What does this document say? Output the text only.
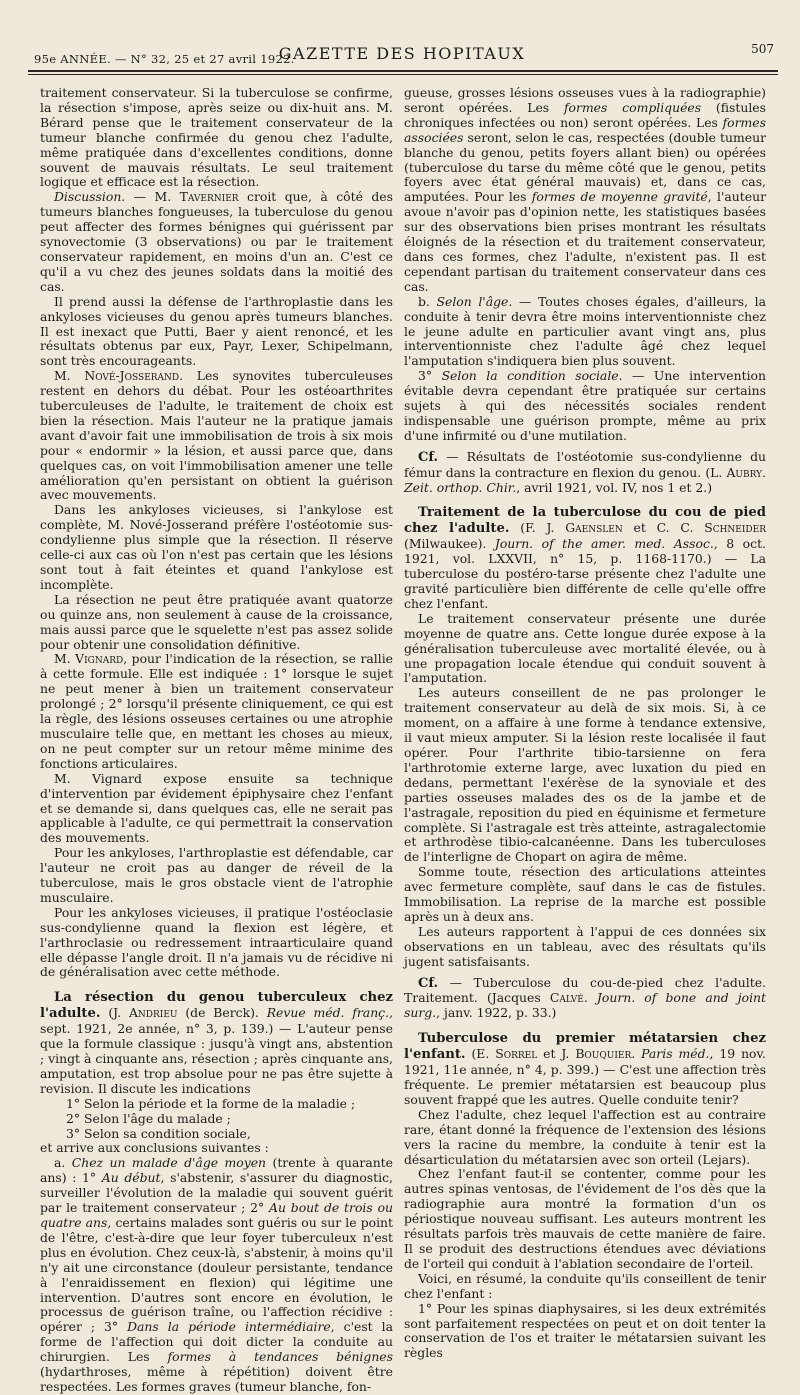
95e ANNÉE. — N° 32, 25 et 27 avril 1922.
GAZETTE DES HOPITAUX	507

traitement conservateur. Si la tuberculose se confirme, la résection s'impose, après seize ou dix-huit ans. M. Bérard pense que le traitement conservateur de la tumeur blanche confirmée du genou chez l'adulte, même pratiquée dans d'excellentes conditions, donne souvent de mauvais résultats. Le seul traitement logique et efficace est la résection.

Discussion. — M. Tavernier croit que, à côté des tumeurs blanches fongueuses, la tuberculose du genou peut affecter des formes bénignes qui guérissent par synovectomie (3 observations) ou par le traitement conservateur rapidement, en moins d'un an. C'est ce qu'il a vu chez des jeunes soldats dans la moitié des cas.

Il prend aussi la défense de l'arthroplastie dans les ankyloses vicieuses du genou après tumeurs blanches. Il est inexact que Putti, Baer y aient renoncé, et les résultats obtenus par eux, Payr, Lexer, Schipelmann, sont très encourageants.

M. Nové-Josserand. Les synovites tuberculeuses restent en dehors du débat. Pour les ostéoarthrites tuberculeuses de l'adulte, le traitement de choix est bien la résection. Mais l'auteur ne la pratique jamais avant d'avoir fait une immobilisation de trois à six mois pour « endormir » la lésion, et aussi parce que, dans quelques cas, on voit l'immobilisation amener une telle amélioration qu'en persistant on obtient la guérison avec mouvements.

Dans les ankyloses vicieuses, si l'ankylose est complète, M. Nové-Josserand préfère l'ostéotomie sus-condylienne plus simple que la résection. Il réserve celle-ci aux cas où l'on n'est pas certain que les lésions sont tout à fait éteintes et quand l'ankylose est incomplète.

La résection ne peut être pratiquée avant quatorze ou quinze ans, non seulement à cause de la croissance, mais aussi parce que le squelette n'est pas assez solide pour obtenir une consolidation définitive.

M. Vignard, pour l'indication de la résection, se rallie à cette formule. Elle est indiquée : 1° lorsque le sujet ne peut mener à bien un traitement conservateur prolongé ; 2° lorsqu'il présente cliniquement, ce qui est la règle, des lésions osseuses certaines ou une atrophie musculaire telle que, en mettant les choses au mieux, on ne peut compter sur un retour même minime des fonctions articulaires.

M. Vignard expose ensuite sa technique d'intervention par évidement épiphysaire chez l'enfant et se demande si, dans quelques cas, elle ne serait pas applicable à l'adulte, ce qui permettrait la conservation des mouvements.

Pour les ankyloses, l'arthroplastie est défendable, car l'auteur ne croit pas au danger de réveil de la tuberculose, mais le gros obstacle vient de l'atrophie musculaire.

Pour les ankyloses vicieuses, il pratique l'ostéoclasie sus-condylienne quand la flexion est légère, et l'arthroclasie ou redressement intraarticulaire quand elle dépasse l'angle droit. Il n'a jamais vu de récidive ni de généralisation avec cette méthode.

La résection du genou tuberculeux chez l'adulte. (J. Andrieu (de Berck). Revue méd. franç., sept. 1921, 2e année, n° 3, p. 139.) — L'auteur pense que la formule classique : jusqu'à vingt ans, abstention ; vingt à cinquante ans, résection ; après cinquante ans, amputation, est trop absolue pour ne pas être sujette à revision. Il discute les indications

1° Selon la période et la forme de la maladie ;

2° Selon l'âge du malade ;

3° Selon sa condition sociale,

et arrive aux conclusions suivantes :

a. Chez un malade d'âge moyen (trente à quarante ans) : 1° Au début, s'abstenir, s'assurer du diagnostic, surveiller l'évolution de la maladie qui souvent guérit par le traitement conservateur ; 2° Au bout de trois ou quatre ans, certains malades sont guéris ou sur le point de l'être, c'est-à-dire que leur foyer tuberculeux n'est plus en évolution. Chez ceux-là, s'abstenir, à moins qu'il n'y ait une circonstance (douleur persistante, tendance à l'enraidissement en flexion) qui légitime une intervention. D'autres sont encore en évolution, le processus de guérison traîne, ou l'affection récidive : opérer ; 3° Dans la période intermédiaire, c'est la forme de l'affection qui doit dicter la conduite au chirurgien. Les formes à tendances bénignes (hydarthroses, même à répétition) doivent être respectées. Les formes graves (tumeur blanche, fon-

gueuse, grosses lésions osseuses vues à la radiographie) seront opérées. Les formes compliquées (fistules chroniques infectées ou non) seront opérées. Les formes associées seront, selon le cas, respectées (double tumeur blanche du genou, petits foyers allant bien) ou opérées (tuberculose du tarse du même côté que le genou, petits foyers avec état général mauvais) et, dans ce cas, amputées. Pour les formes de moyenne gravité, l'auteur avoue n'avoir pas d'opinion nette, les statistiques basées sur des observations bien prises montrant les résultats éloignés de la résection et du traitement conservateur, dans ces formes, chez l'adulte, n'existent pas. Il est cependant partisan du traitement conservateur dans ces cas.

b. Selon l'âge. — Toutes choses égales, d'ailleurs, la conduite à tenir devra être moins interventionniste chez le jeune adulte en particulier avant vingt ans, plus interventionniste chez l'adulte âgé chez lequel l'amputation s'indiquera bien plus souvent.

3° Selon la condition sociale. — Une intervention évitable devra cependant être pratiquée sur certains sujets à qui des nécessités sociales rendent indispensable une guérison prompte, même au prix d'une infirmité ou d'une mutilation.

Cf. — Résultats de l'ostéotomie sus-condylienne du fémur dans la contracture en flexion du genou. (L. Aubry. Zeit. orthop. Chir., avril 1921, vol. IV, nos 1 et 2.)

Traitement de la tuberculose du cou de pied chez l'adulte. (F. J. Gaenslen et C. C. Schneider (Milwaukee). Journ. of the amer. med. Assoc., 8 oct. 1921, vol. LXXVII, n° 15, p. 1168-1170.) — La tuberculose du postéro-tarse présente chez l'adulte une gravité particulière bien différente de celle qu'elle offre chez l'enfant.

Le traitement conservateur présente une durée moyenne de quatre ans. Cette longue durée expose à la généralisation tuberculeuse avec mortalité élevée, ou à une propagation locale étendue qui conduit souvent à l'amputation.

Les auteurs conseillent de ne pas prolonger le traitement conservateur au delà de six mois. Si, à ce moment, on a affaire à une forme à tendance extensive, il vaut mieux amputer. Si la lésion reste localisée il faut opérer. Pour l'arthrite tibio-tarsienne on fera l'arthrotomie externe large, avec luxation du pied en dedans, permettant l'exérèse de la synoviale et des parties osseuses malades des os de la jambe et de l'astragale, reposition du pied en équinisme et fermeture complète. Si l'astragale est très atteinte, astragalectomie et arthrodèse tibio-calcanéenne. Dans les tuberculoses de l'interligne de Chopart on agira de même.

Somme toute, résection des articulations atteintes avec fermeture complète, sauf dans le cas de fistules. Immobilisation. La reprise de la marche est possible après un à deux ans.

Les auteurs rapportent à l'appui de ces données six observations en un tableau, avec des résultats qu'ils jugent satisfaisants.

Cf. — Tuberculose du cou-de-pied chez l'adulte. Traitement. (Jacques Calvé. Journ. of bone and joint surg., janv. 1922, p. 33.)

Tuberculose du premier métatarsien chez l'enfant. (E. Sorrel et J. Bouquier. Paris méd., 19 nov. 1921, 11e année, n° 4, p. 399.) — C'est une affection très fréquente. Le premier métatarsien est beaucoup plus souvent frappé que les autres. Quelle conduite tenir?

Chez l'adulte, chez lequel l'affection est au contraire rare, étant donné la fréquence de l'extension des lésions vers la racine du membre, la conduite à tenir est la désarticulation du métatarsien avec son orteil (Lejars).

Chez l'enfant faut-il se contenter, comme pour les autres spinas ventosas, de l'évidement de l'os dès que la radiographie aura montré la formation d'un os périostique nouveau suffisant. Les auteurs montrent les résultats parfois très mauvais de cette manière de faire. Il se produit des destructions étendues avec déviations de l'orteil qui conduit à l'ablation secondaire de l'orteil.

Voici, en résumé, la conduite qu'ils conseillent de tenir chez l'enfant :

1° Pour les spinas diaphysaires, si les deux extrémités sont parfaitement respectées on peut et on doit tenter la conservation de l'os et traiter le métatarsien suivant les règles
